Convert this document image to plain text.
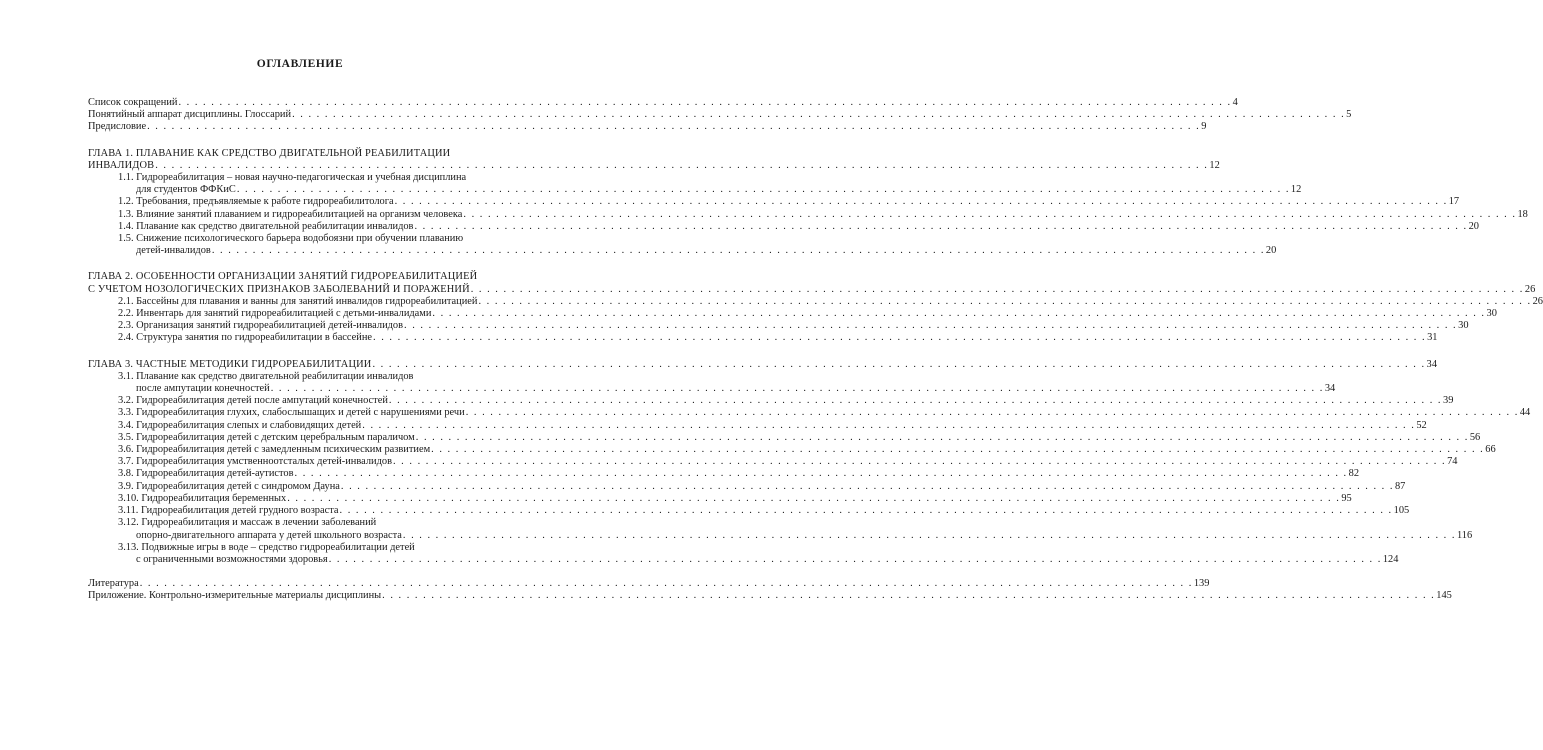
ОГЛАВЛЕНИЕ
Список сокращений . . . . . . . . . . . . . . . . . . . . . . . . . . . . . . . . . . . . . . . . . . . . . . . . . . . . . . . . . . . . . . . . . . . . . . . . . . . . . . . . . . . . . . . . . . . . . . . . . . . . . . . . . . . . . . . . . . . . . . . . . . . . . . . . . 4
Понятийный аппарат дисциплины. Глоссарий . . . . . . . . . . . . . . . . . . . . . . . . . . . . . . . . . . . . . . . . . . . . . . . . . . . . . . . . . . . . . . . . . . . . . . . . . . . . . . . . . . . . . . . . . . . . . . . . . . . . . . . . . . . . . . . . . . . . . . . . . . . . . . . . . 5
Предисловие . . . . . . . . . . . . . . . . . . . . . . . . . . . . . . . . . . . . . . . . . . . . . . . . . . . . . . . . . . . . . . . . . . . . . . . . . . . . . . . . . . . . . . . . . . . . . . . . . . . . . . . . . . . . . . . . . . . . . . . . . . . . . . . . . 9
ГЛАВА 1. ПЛАВАНИЕ КАК СРЕДСТВО ДВИГАТЕЛЬНОЙ РЕАБИЛИТАЦИИ
ИНВАЛИДОВ . . . . . . . . . . . . . . . . . . . . . . . . . . . . . . . . . . . . . . . . . . . . . . . . . . . . . . . . . . . . . . . . . . . . . . . . . . . . . . . . . . . . . . . . . . . . . . . . . . . . . . . . . . . . . . . . . . . . . . . . . . . . . . . . . 12
1.1. Гидрореабилитация – новая научно-педагогическая и учебная дисциплина
для студентов ФФКиС . . . . . . . . . . . . . . . . . . . . . . . . . . . . . . . . . . . . . . . . . . . . . . . . . . . . . . . . . . . . . . . . . . . . . . . . . . . . . . . . . . . . . . . . . . . . . . . . . . . . . . . . . . . . . . . . . . . . . . . . . . . . . . . . . 12
1.2. Требования, предъявляемые к работе гидрореабилитолога . . . . . . . . . . . . . . . . . . . . . . . . . . . . . . . . . . . . . . . . . . . . . . . . . . . . . . . . . . . . . . . . . . . . . . . . . . . . . . . . . . . . . . . . . . . . . . . . . . . . . . . . . . . . . . . . . . . . . . . . . . . . . . . . . 17
1.3. Влияние занятий плаванием и гидрореабилитацией на организм человека . . . . . . . . . . . . . . . . . . . . . . . . . . . . . . . . . . . . . . . . . . . . . . . . . . . . . . . . . . . . . . . . . . . . . . . . . . . . . . . . . . . . . . . . . . . . . . . . . . . . . . . . . . . . . . . . . . . . . . . . . . . . . . . . . 18
1.4. Плавание как средство двигательной реабилитации инвалидов . . . . . . . . . . . . . . . . . . . . . . . . . . . . . . . . . . . . . . . . . . . . . . . . . . . . . . . . . . . . . . . . . . . . . . . . . . . . . . . . . . . . . . . . . . . . . . . . . . . . . . . . . . . . . . . . . . . . . . . . . . . . . . . . . 20
1.5. Снижение психологического барьера водобоязни при обучении плаванию
детей-инвалидов . . . . . . . . . . . . . . . . . . . . . . . . . . . . . . . . . . . . . . . . . . . . . . . . . . . . . . . . . . . . . . . . . . . . . . . . . . . . . . . . . . . . . . . . . . . . . . . . . . . . . . . . . . . . . . . . . . . . . . . . . . . . . . . . . 20
ГЛАВА 2. ОСОБЕННОСТИ ОРГАНИЗАЦИИ ЗАНЯТИЙ ГИДРОРЕАБИЛИТАЦИЕЙ
С УЧЕТОМ НОЗОЛОГИЧЕСКИХ ПРИЗНАКОВ ЗАБОЛЕВАНИЙ И ПОРАЖЕНИЙ . . . . . . . . . . . . . . . . . . . . . . . . . . . . . . . . . . . . . . . . . . . . . . . . . . . . . . . . . . . . . . . . . . . . . . . . . . . . . . . . . . . . . . . . . . . . . . . . . . . . . . . . . . . . . . . . . . . . . . . . . . . . . . . . . 26
2.1. Бассейны для плавания и ванны для занятий инвалидов гидрореабилитацией . . . . . . . . . . . . . . . . . . . . . . . . . . . . . . . . . . . . . . . . . . . . . . . . . . . . . . . . . . . . . . . . . . . . . . . . . . . . . . . . . . . . . . . . . . . . . . . . . . . . . . . . . . . . . . . . . . . . . . . . . . . . . . . . . 26
2.2. Инвентарь для занятий гидрореабилитацией с детьми-инвалидами . . . . . . . . . . . . . . . . . . . . . . . . . . . . . . . . . . . . . . . . . . . . . . . . . . . . . . . . . . . . . . . . . . . . . . . . . . . . . . . . . . . . . . . . . . . . . . . . . . . . . . . . . . . . . . . . . . . . . . . . . . . . . . . . . 30
2.3. Организация занятий гидрореабилитацией детей-инвалидов . . . . . . . . . . . . . . . . . . . . . . . . . . . . . . . . . . . . . . . . . . . . . . . . . . . . . . . . . . . . . . . . . . . . . . . . . . . . . . . . . . . . . . . . . . . . . . . . . . . . . . . . . . . . . . . . . . . . . . . . . . . . . . . . . 30
2.4. Структура занятия по гидрореабилитации в бассейне . . . . . . . . . . . . . . . . . . . . . . . . . . . . . . . . . . . . . . . . . . . . . . . . . . . . . . . . . . . . . . . . . . . . . . . . . . . . . . . . . . . . . . . . . . . . . . . . . . . . . . . . . . . . . . . . . . . . . . . . . . . . . . . . . 31
ГЛАВА 3. ЧАСТНЫЕ МЕТОДИКИ ГИДРОРЕАБИЛИТАЦИИ . . . . . . . . . . . . . . . . . . . . . . . . . . . . . . . . . . . . . . . . . . . . . . . . . . . . . . . . . . . . . . . . . . . . . . . . . . . . . . . . . . . . . . . . . . . . . . . . . . . . . . . . . . . . . . . . . . . . . . . . . . . . . . . . . 34
3.1. Плавание как средство двигательной реабилитации инвалидов
после ампутации конечностей . . . . . . . . . . . . . . . . . . . . . . . . . . . . . . . . . . . . . . . . . . . . . . . . . . . . . . . . . . . . . . . . . . . . . . . . . . . . . . . . . . . . . . . . . . . . . . . . . . . . . . . . . . . . . . . . . . . . . . . . . . . . . . . . . 34
3.2. Гидрореабилитация детей после ампутаций конечностей . . . . . . . . . . . . . . . . . . . . . . . . . . . . . . . . . . . . . . . . . . . . . . . . . . . . . . . . . . . . . . . . . . . . . . . . . . . . . . . . . . . . . . . . . . . . . . . . . . . . . . . . . . . . . . . . . . . . . . . . . . . . . . . . . 39
3.3. Гидрореабилитация глухих, слабослышащих и детей с нарушениями речи . . . . . . . . . . . . . . . . . . . . . . . . . . . . . . . . . . . . . . . . . . . . . . . . . . . . . . . . . . . . . . . . . . . . . . . . . . . . . . . . . . . . . . . . . . . . . . . . . . . . . . . . . . . . . . . . . . . . . . . . . . . . . . . . . 44
3.4. Гидрореабилитация слепых и слабовидящих детей . . . . . . . . . . . . . . . . . . . . . . . . . . . . . . . . . . . . . . . . . . . . . . . . . . . . . . . . . . . . . . . . . . . . . . . . . . . . . . . . . . . . . . . . . . . . . . . . . . . . . . . . . . . . . . . . . . . . . . . . . . . . . . . . . 52
3.5. Гидрореабилитация детей с детским церебральным параличом . . . . . . . . . . . . . . . . . . . . . . . . . . . . . . . . . . . . . . . . . . . . . . . . . . . . . . . . . . . . . . . . . . . . . . . . . . . . . . . . . . . . . . . . . . . . . . . . . . . . . . . . . . . . . . . . . . . . . . . . . . . . . . . . . 56
3.6. Гидрореабилитация детей с замедленным психическим развитием . . . . . . . . . . . . . . . . . . . . . . . . . . . . . . . . . . . . . . . . . . . . . . . . . . . . . . . . . . . . . . . . . . . . . . . . . . . . . . . . . . . . . . . . . . . . . . . . . . . . . . . . . . . . . . . . . . . . . . . . . . . . . . . . . 66
3.7. Гидрореабилитация умственноотсталых детей-инвалидов . . . . . . . . . . . . . . . . . . . . . . . . . . . . . . . . . . . . . . . . . . . . . . . . . . . . . . . . . . . . . . . . . . . . . . . . . . . . . . . . . . . . . . . . . . . . . . . . . . . . . . . . . . . . . . . . . . . . . . . . . . . . . . . . . 74
3.8. Гидрореабилитация детей-аутистов . . . . . . . . . . . . . . . . . . . . . . . . . . . . . . . . . . . . . . . . . . . . . . . . . . . . . . . . . . . . . . . . . . . . . . . . . . . . . . . . . . . . . . . . . . . . . . . . . . . . . . . . . . . . . . . . . . . . . . . . . . . . . . . . . 82
3.9. Гидрореабилитация детей с синдромом Дауна . . . . . . . . . . . . . . . . . . . . . . . . . . . . . . . . . . . . . . . . . . . . . . . . . . . . . . . . . . . . . . . . . . . . . . . . . . . . . . . . . . . . . . . . . . . . . . . . . . . . . . . . . . . . . . . . . . . . . . . . . . . . . . . . . 87
3.10. Гидрореабилитация беременных . . . . . . . . . . . . . . . . . . . . . . . . . . . . . . . . . . . . . . . . . . . . . . . . . . . . . . . . . . . . . . . . . . . . . . . . . . . . . . . . . . . . . . . . . . . . . . . . . . . . . . . . . . . . . . . . . . . . . . . . . . . . . . . . . 95
3.11. Гидрореабилитация детей грудного возраста . . . . . . . . . . . . . . . . . . . . . . . . . . . . . . . . . . . . . . . . . . . . . . . . . . . . . . . . . . . . . . . . . . . . . . . . . . . . . . . . . . . . . . . . . . . . . . . . . . . . . . . . . . . . . . . . . . . . . . . . . . . . . . . . . 105
3.12. Гидрореабилитация и массаж в лечении заболеваний
опорно-двигательного аппарата у детей школьного возраста . . . . . . . . . . . . . . . . . . . . . . . . . . . . . . . . . . . . . . . . . . . . . . . . . . . . . . . . . . . . . . . . . . . . . . . . . . . . . . . . . . . . . . . . . . . . . . . . . . . . . . . . . . . . . . . . . . . . . . . . . . . . . . . . . 116
3.13. Подвижные игры в воде – средство гидрореабилитации детей
с ограниченными возможностями здоровья . . . . . . . . . . . . . . . . . . . . . . . . . . . . . . . . . . . . . . . . . . . . . . . . . . . . . . . . . . . . . . . . . . . . . . . . . . . . . . . . . . . . . . . . . . . . . . . . . . . . . . . . . . . . . . . . . . . . . . . . . . . . . . . . . 124
Литература . . . . . . . . . . . . . . . . . . . . . . . . . . . . . . . . . . . . . . . . . . . . . . . . . . . . . . . . . . . . . . . . . . . . . . . . . . . . . . . . . . . . . . . . . . . . . . . . . . . . . . . . . . . . . . . . . . . . . . . . . . . . . . . . . 139
Приложение. Контрольно-измерительные материалы дисциплины . . . . . . . . . . . . . . . . . . . . . . . . . . . . . . . . . . . . . . . . . . . . . . . . . . . . . . . . . . . . . . . . . . . . . . . . . . . . . . . . . . . . . . . . . . . . . . . . . . . . . . . . . . . . . . . . . . . . . . . . . . . . . . . . . 145
